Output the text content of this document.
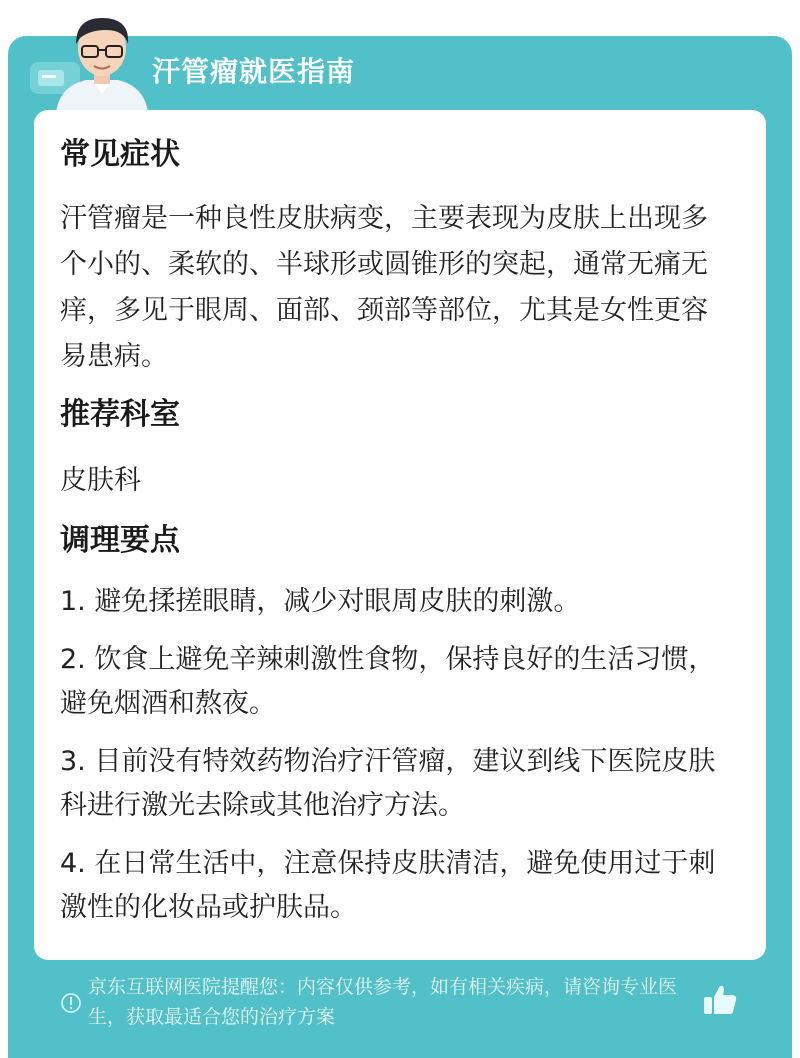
汗管瘤就医指南

常见症状

汗管瘤是一种良性皮肤病变，主要表现为皮肤上出现多个小的、柔软的、半球形或圆锥形的突起，通常无痛无痒，多见于眼周、面部、颈部等部位，尤其是女性更容易患病。

推荐科室

皮肤科

调理要点

1. 避免揉搓眼睛，减少对眼周皮肤的刺激。

2. 饮食上避免辛辣刺激性食物，保持良好的生活习惯，避免烟酒和熬夜。

3. 目前没有特效药物治疗汗管瘤，建议到线下医院皮肤科进行激光去除或其他治疗方法。

4. 在日常生活中，注意保持皮肤清洁，避免使用过于刺激性的化妆品或护肤品。

京东互联网医院提醒您：内容仅供参考，如有相关疾病，请咨询专业医生，获取最适合您的治疗方案
